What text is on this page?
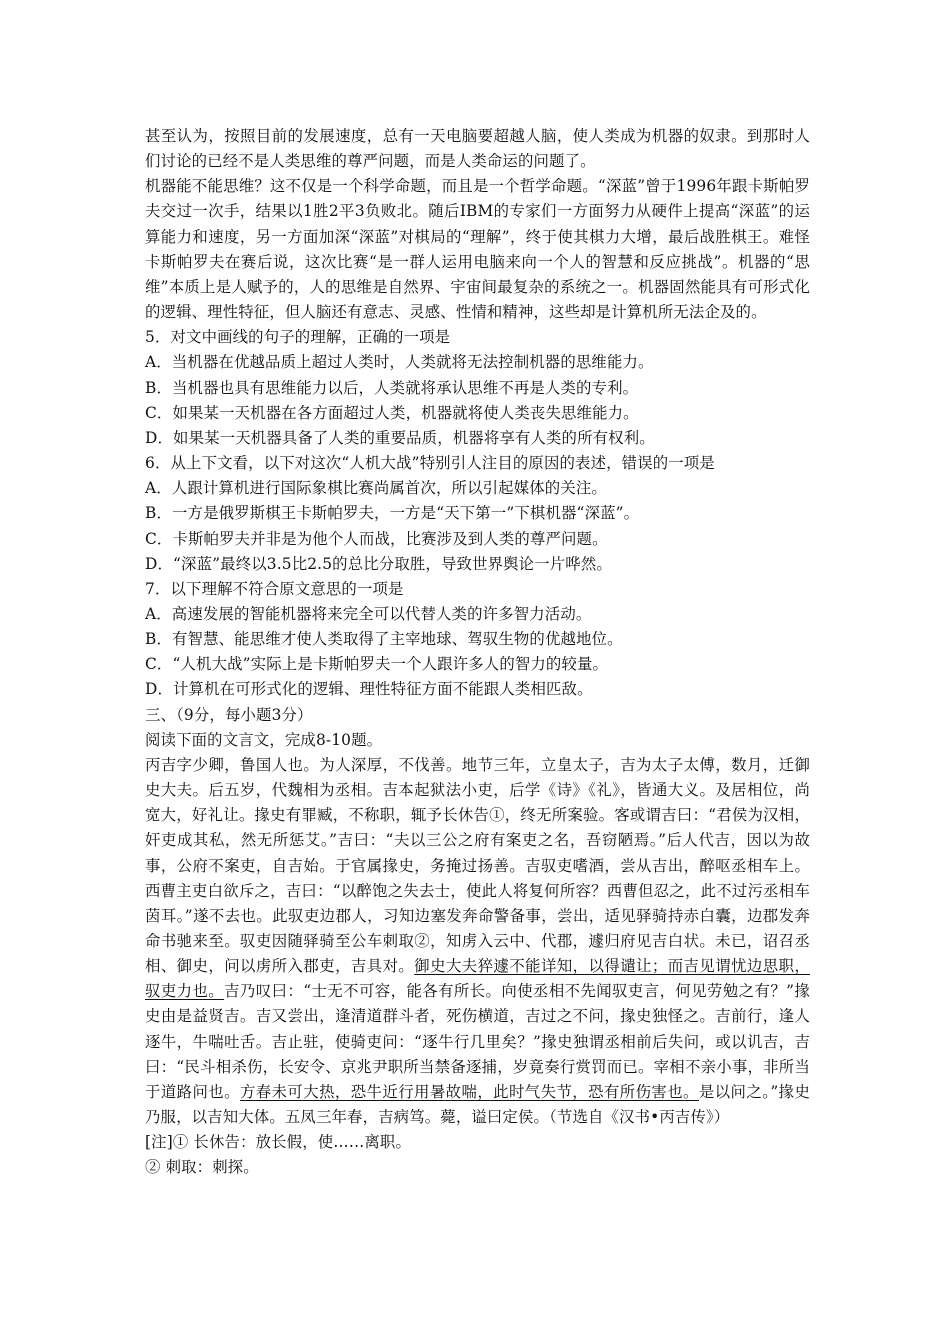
甚至认为，按照目前的发展速度，总有一天电脑要超越人脑，使人类成为机器的奴隶。到那时人们讨论的已经不是人类思维的尊严问题，而是人类命运的问题了。

机器能不能思维？这不仅是一个科学命题，而且是一个哲学命题。“深蓝”曾于1996年跟卡斯帕罗夫交过一次手，结果以1胜2平3负败北。随后IBM的专家们一方面努力从硬件上提高“深蓝”的运算能力和速度，另一方面加深“深蓝”对棋局的“理解”，终于使其棋力大增，最后战胜棋王。难怪卡斯帕罗夫在赛后说，这次比赛“是一群人运用电脑来向一个人的智慧和反应挑战”。机器的“思维”本质上是人赋予的，人的思维是自然界、宇宙间最复杂的系统之一。机器固然能具有可形式化的逻辑、理性特征，但人脑还有意志、灵感、性情和精神，这些却是计算机所无法企及的。

5．对文中画线的句子的理解，正确的一项是

A．当机器在优越品质上超过人类时，人类就将无法控制机器的思维能力。

B．当机器也具有思维能力以后，人类就将承认思维不再是人类的专利。

C．如果某一天机器在各方面超过人类，机器就将使人类丧失思维能力。

D．如果某一天机器具备了人类的重要品质，机器将享有人类的所有权利。

6．从上下文看，以下对这次“人机大战”特别引人注目的原因的表述，错误的一项是

A．人跟计算机进行国际象棋比赛尚属首次，所以引起媒体的关注。

B．一方是俄罗斯棋王卡斯帕罗夫，一方是“天下第一”下棋机器“深蓝”。

C．卡斯帕罗夫并非是为他个人而战，比赛涉及到人类的尊严问题。

D．“深蓝”最终以3.5比2.5的总比分取胜，导致世界舆论一片哗然。

7．以下理解不符合原文意思的一项是

A．高速发展的智能机器将来完全可以代替人类的许多智力活动。

B．有智慧、能思维才使人类取得了主宰地球、驾驭生物的优越地位。

C．“人机大战”实际上是卡斯帕罗夫一个人跟许多人的智力的较量。

D．计算机在可形式化的逻辑、理性特征方面不能跟人类相匹敌。

三、（9分，每小题3分）

阅读下面的文言文，完成8-10题。

丙吉字少卿，鲁国人也。为人深厚，不伐善。地节三年，立皇太子，吉为太子太傅，数月，迁御史大夫。后五岁，代魏相为丞相。吉本起狱法小吏，后学《诗》《礼》，皆通大义。及居相位，尚宽大，好礼让。掾史有罪臧，不称职，辄予长休告①，终无所案验。客或谓吉曰：“君侯为汉相，奸吏成其私，然无所惩艾。”吉曰：“夫以三公之府有案吏之名，吾窃陋焉。”后人代吉，因以为故事，公府不案吏，自吉始。于官属掾史，务掩过扬善。吉驭吏嗜酒，尝从吉出，醉呕丞相车上。西曹主吏白欲斥之，吉曰：“以醉饱之失去士，使此人将复何所容？西曹但忍之，此不过污丞相车茵耳。”遂不去也。此驭吏边郡人，习知边塞发奔命警备事，尝出，适见驿骑持赤白囊，边郡发奔命书驰来至。驭吏因随驿骑至公车刺取②，知虏入云中、代郡，遽归府见吉白状。未已，诏召丞相、御史，问以虏所入郡吏，吉具对。御史大夫猝遽不能详知，以得谴让；而吉见谓忧边思职，驭吏力也。吉乃叹曰：“士无不可容，能各有所长。向使丞相不先闻驭吏言，何见劳勉之有？”掾史由是益贤吉。吉又尝出，逢清道群斗者，死伤横道，吉过之不问，掾史独怪之。吉前行，逢人逐牛，牛喘吐舌。吉止驻，使骑吏问：“逐牛行几里矣？”掾史独谓丞相前后失问，或以讥吉，吉曰：“民斗相杀伤，长安令、京兆尹职所当禁备逐捕，岁竟奏行赏罚而已。宰相不亲小事，非所当于道路问也。方春未可大热，恐牛近行用暑故喘，此时气失节，恐有所伤害也。是以问之。”掾史乃服，以吉知大体。五凤三年春，吉病笃。薨，谥曰定侯。（节选自《汉书•丙吉传》）

[注]① 长休告：放长假，使……离职。

② 刺取：刺探。
